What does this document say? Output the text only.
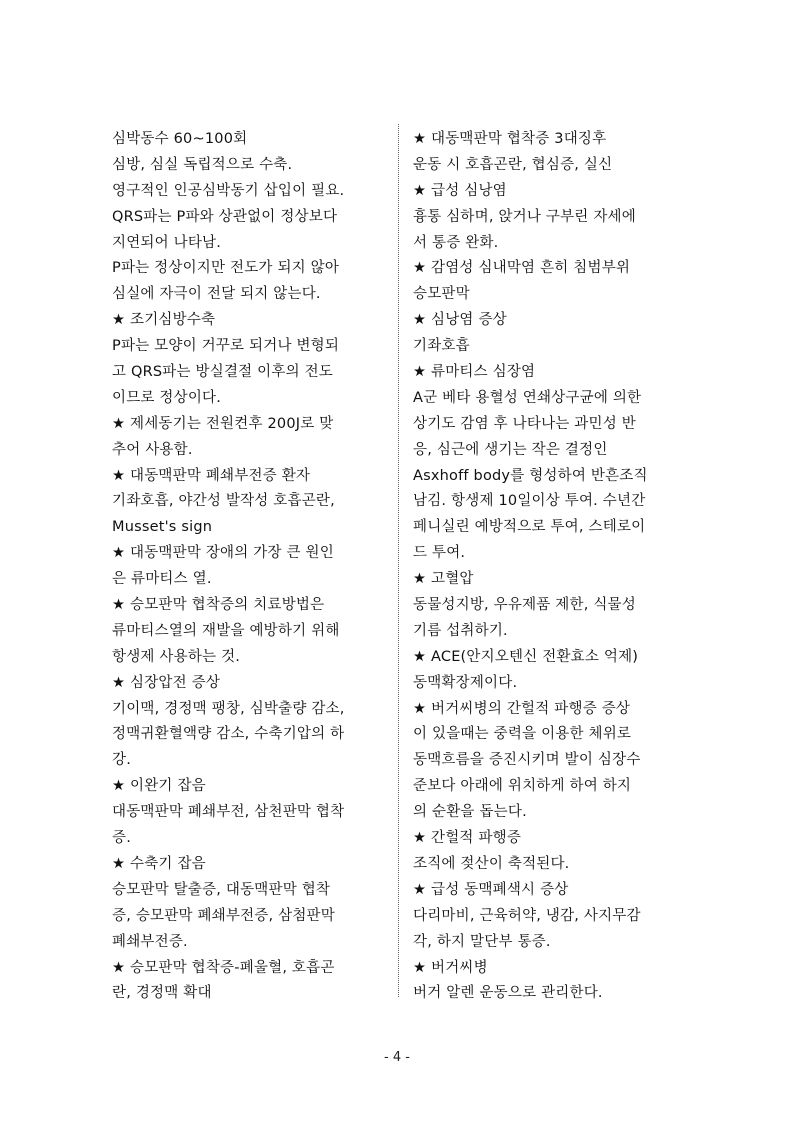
심박동수 60~100회
심방, 심실 독립적으로 수축.
영구적인 인공심박동기 삽입이 필요.
QRS파는 P파와 상관없이 정상보다
지연되어 나타남.
P파는 정상이지만 전도가 되지 않아
심실에 자극이 전달 되지 않는다.
★ 조기심방수축
P파는 모양이 거꾸로 되거나 변형되
고 QRS파는 방실결절 이후의 전도
이므로 정상이다.
★ 제세동기는 전원켠후 200J로 맞
추어 사용함.
★ 대동맥판막 폐쇄부전증 환자
기좌호흡, 야간성 발작성 호흡곤란,
Musset's sign
★ 대동맥판막 장애의 가장 큰 원인
은 류마티스 열.
★ 승모판막 협착증의 치료방법은
류마티스열의 재발을 예방하기 위해
항생제 사용하는 것.
★ 심장압전 증상
기이맥, 경정맥 팽창, 심박출량 감소,
정맥귀환혈액량 감소, 수축기압의 하
강.
★ 이완기 잡음
대동맥판막 폐쇄부전, 삼천판막 협착
증.
★ 수축기 잡음
승모판막 탈출증, 대동맥판막 협착
증, 승모판막 폐쇄부전증, 삼첨판막
폐쇄부전증.
★ 승모판막 협착증-폐울혈, 호흡곤
란, 경정맥 확대
★ 대동맥판막 협착증 3대징후
운동 시 호흡곤란, 협심증, 실신
★ 급성 심낭염
흉통 심하며, 앉거나 구부린 자세에
서 통증 완화.
★ 감염성 심내막염 흔히 침범부위
승모판막
★ 심낭염 증상
기좌호흡
★ 류마티스 심장염
A군 베타 용혈성 연쇄상구균에 의한
상기도 감염 후 나타나는 과민성 반
응, 심근에 생기는 작은 결정인
Asxhoff body를 형성하여 반흔조직
남김. 항생제 10일이상 투여. 수년간
페니실린 예방적으로 투여, 스테로이
드 투여.
★ 고혈압
동물성지방, 우유제품 제한, 식물성
기름 섭취하기.
★ ACE(안지오텐신 전환효소 억제)
동맥확장제이다.
★ 버거씨병의 간헐적 파행증 증상
이 있을때는 중력을 이용한 체위로
동맥흐름을 증진시키며 발이 심장수
준보다 아래에 위치하게 하여 하지
의 순환을 돕는다.
★ 간헐적 파행증
조직에 젖산이 축적된다.
★ 급성 동맥폐색시 증상
다리마비, 근육허약, 냉감, 사지무감
각, 하지 말단부 통증.
★ 버거씨병
버거 알렌 운동으로 관리한다.
- 4 -
